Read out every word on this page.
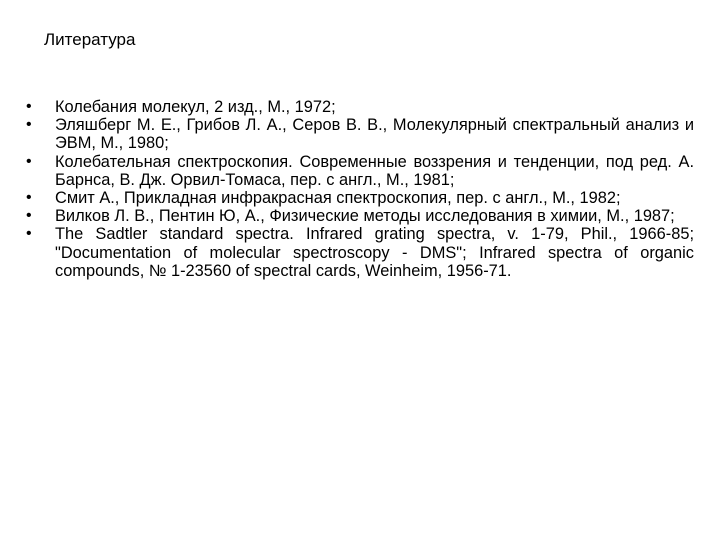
Литература
•	Колебания молекул, 2 изд., М., 1972;
•	Эляшберг М. Е., Грибов Л. А., Серов В. В., Молекулярный спектральный анализ и ЭВМ, М., 1980;
•	Колебательная спектроскопия. Современные воззрения и тенденции, под ред. А. Барнса, В. Дж. Орвил-Томаса, пер. с англ., М., 1981;
•	Смит А., Прикладная инфракрасная спектроскопия, пер. с англ., М., 1982;
•	Вилков Л. В., Пентин Ю, А., Физические методы исследования в химии, М., 1987;
•	The Sadtler standard spectra. Infrared grating spectra, v. 1-79, Phil., 1966-85; "Documentation of molecular spectroscopy - DMS"; Infrared spectra of organic compounds, № 1-23560 of spectral cards, Weinheim, 1956-71.
